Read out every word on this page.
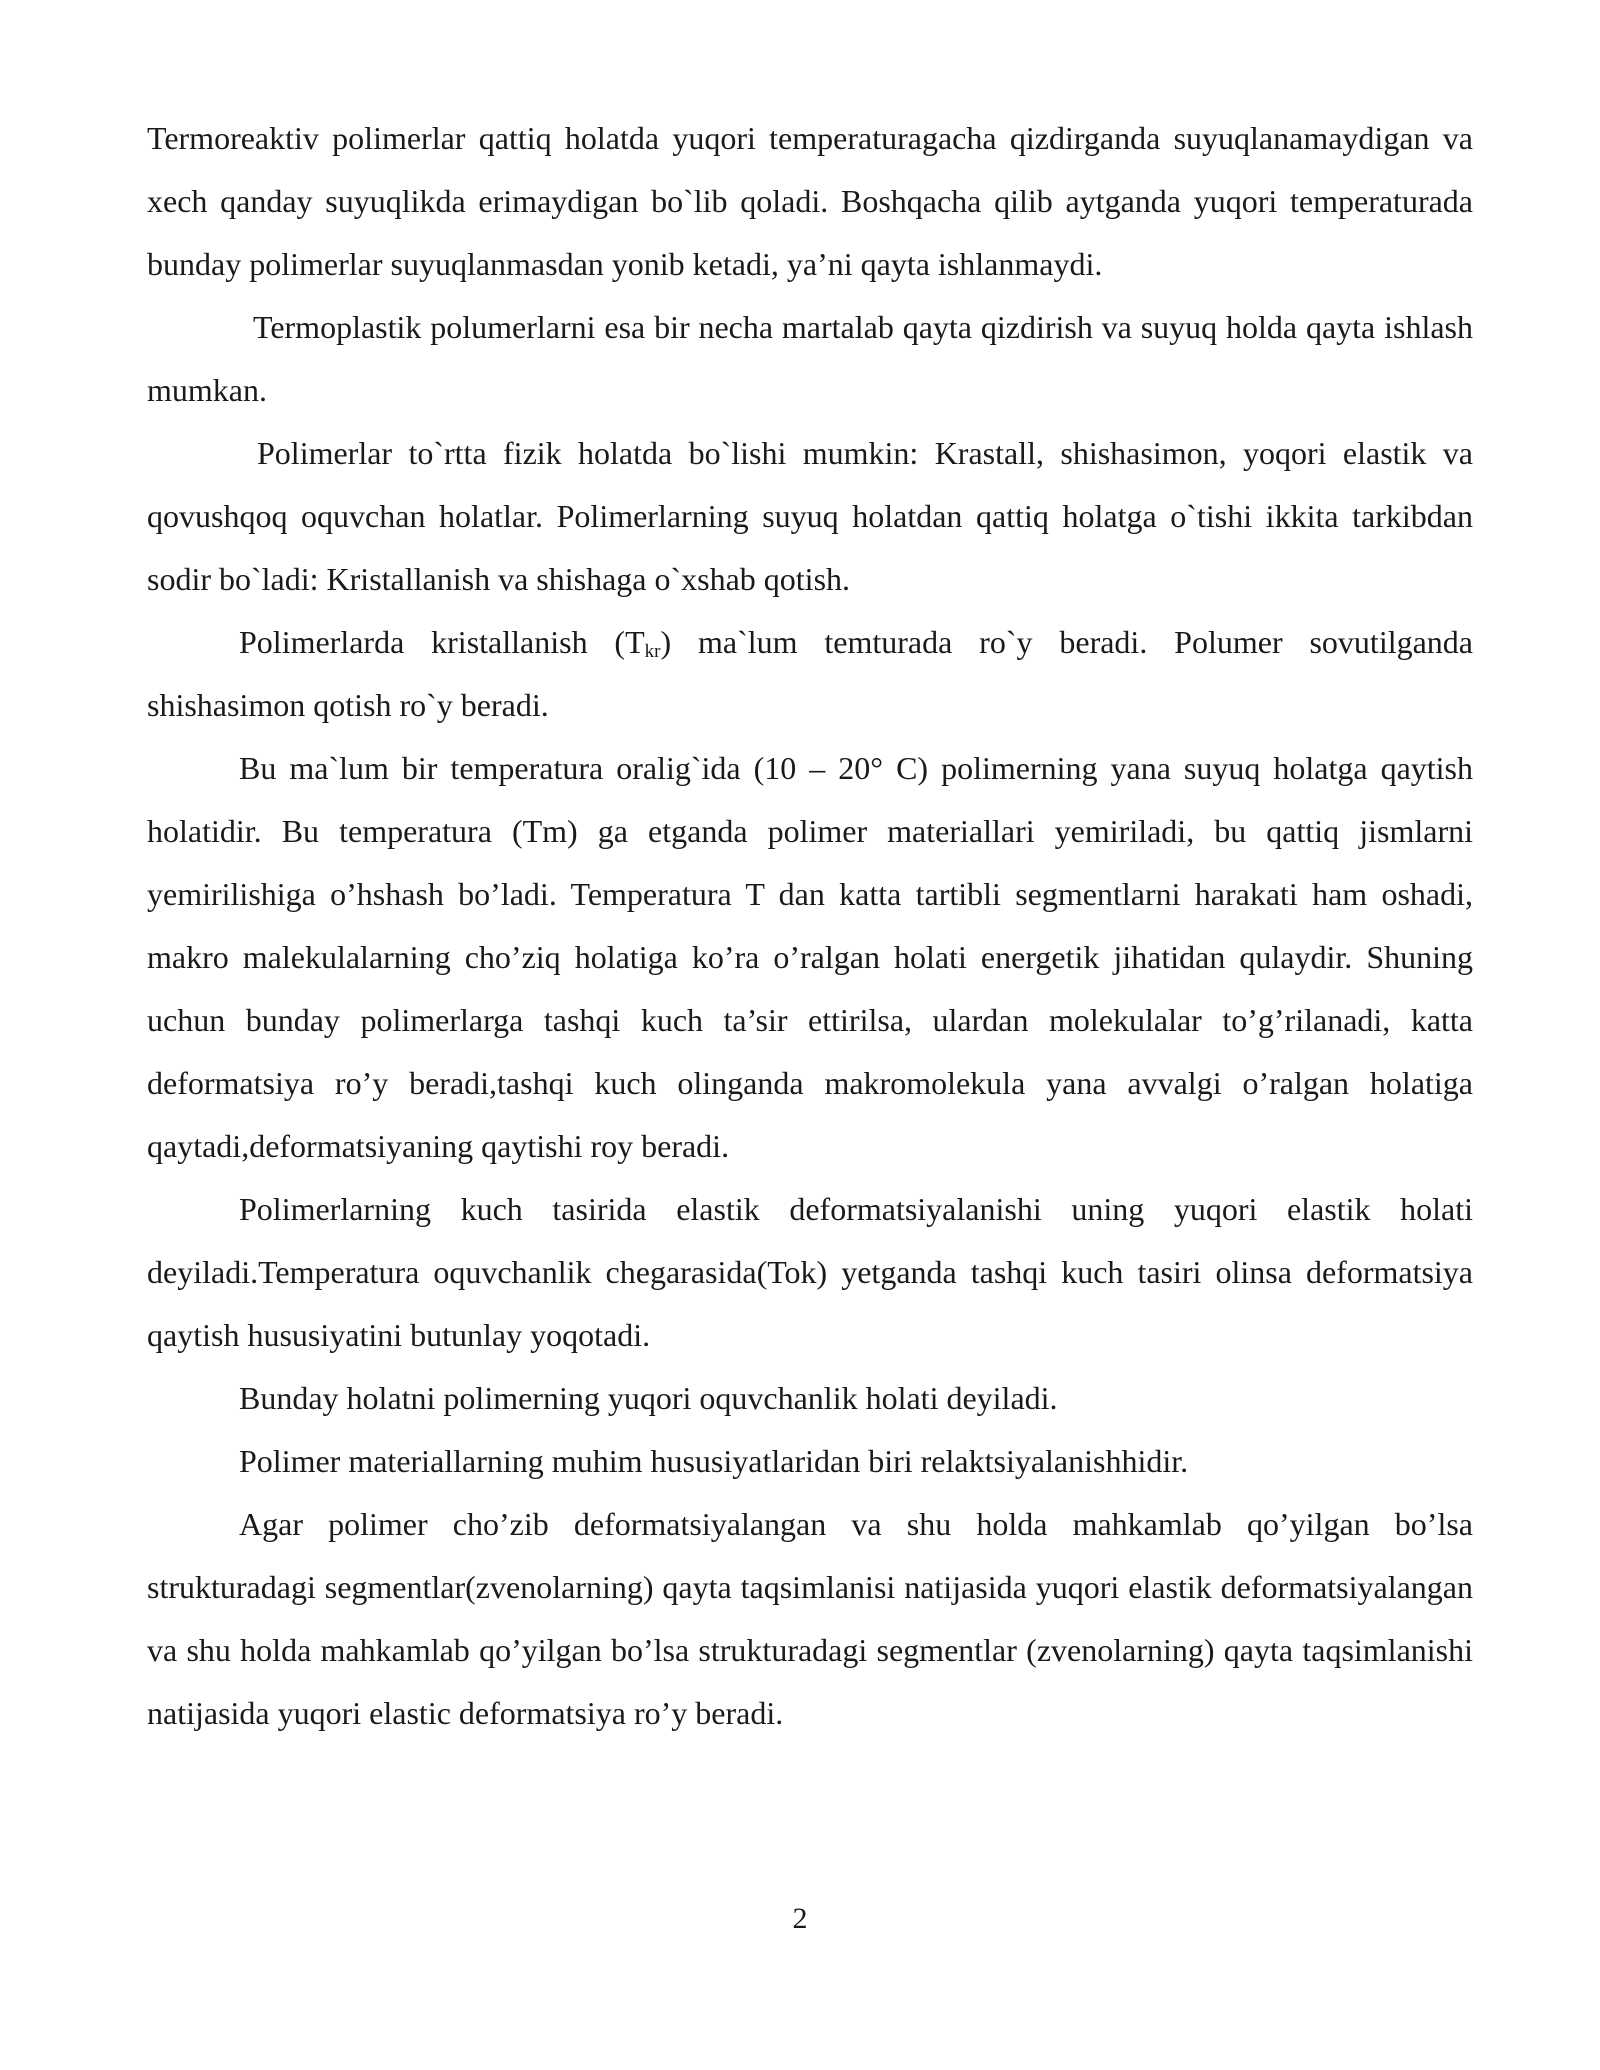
Termoreaktiv polimerlar qattiq holatda yuqori temperaturagacha qizdirganda suyuqlanamaydigan va xech qanday suyuqlikda erimaydigan bo`lib qoladi. Boshqacha qilib aytganda yuqori temperaturada bunday polimerlar suyuqlanmasdan yonib ketadi, ya’ni qayta ishlanmaydi.

Termoplastik polumerlarni esa bir necha martalab qayta qizdirish va suyuq holda qayta ishlash mumkan.

Polimerlar to`rtta fizik holatda bo`lishi mumkin: Krastall, shishasimon, yoqori elastik va qovushqoq oquvchan holatlar. Polimerlarning suyuq holatdan qattiq holatga o`tishi ikkita tarkibdan sodir bo`ladi: Kristallanish va shishaga o`xshab qotish.

Polimerlarda kristallanish $(T_{kr})$ ma`lum temturada ro`y beradi. Polumer sovutilganda shishasimon qotish ro`y beradi.

Bu ma`lum bir temperatura oralig`ida (10 – 20° C) polimerning yana suyuq holatga qaytish holatidir. Bu temperatura (Tm) ga etganda polimer materiallari yemiriladi, bu qattiq jismlarni yemirilishiga o’hshash bo’ladi. Temperatura T dan katta tartibli segmentlarni harakati ham oshadi, makro malekulalarning cho’ziq holatiga ko’ra o’ralgan holati energetik jihatidan qulaydir. Shuning uchun bunday polimerlarga tashqi kuch ta’sir ettirilsa, ulardan molekulalar to’g’rilanadi, katta deformatsiya ro’y beradi,tashqi kuch olinganda makromolekula yana avvalgi o’ralgan holatiga qaytadi,deformatsiyaning qaytishi roy beradi.

Polimerlarning kuch tasirida elastik deformatsiyalanishi uning yuqori elastik holati deyiladi.Temperatura oquvchanlik chegarasida(Tok) yetganda tashqi kuch tasiri olinsa deformatsiya qaytish hususiyatini butunlay yoqotadi.

Bunday holatni polimerning yuqori oquvchanlik holati deyiladi.

Polimer materiallarning muhim hususiyatlaridan biri relaktsiyalanishhidir.

Agar polimer cho’zib deformatsiyalangan va shu holda mahkamlab qo’yilgan bo’lsa strukturadagi segmentlar(zvenolarning) qayta taqsimlanisi natijasida yuqori elastik deformatsiyalangan va shu holda mahkamlab qo’yilgan bo’lsa strukturadagi segmentlar (zvenolarning) qayta taqsimlanishi natijasida yuqori elastic deformatsiya ro’y beradi.

2
